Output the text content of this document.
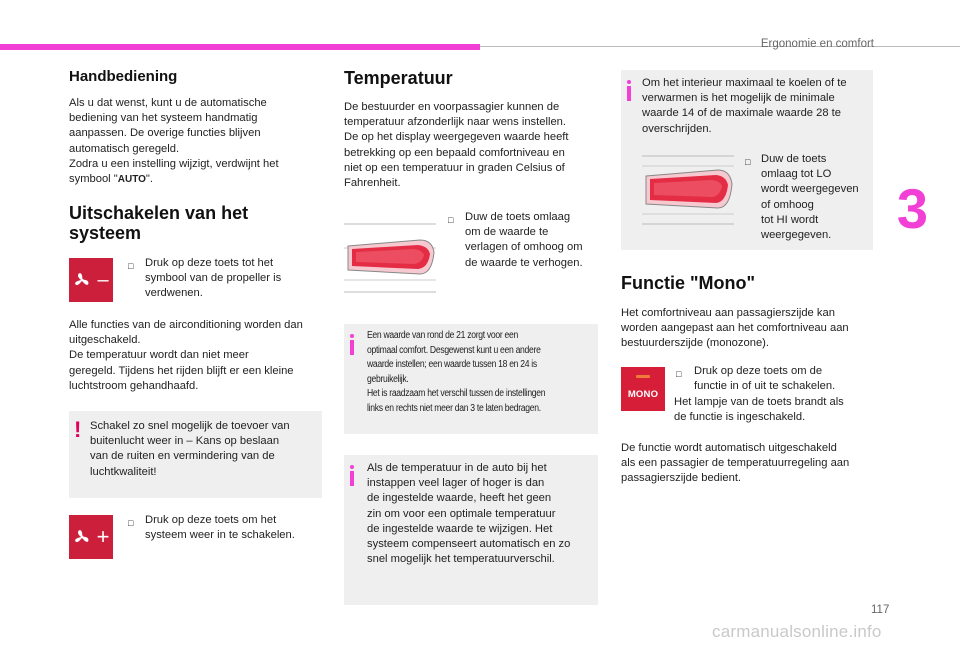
Ergonomie en comfort
3
117
carmanualsonline.info
Handbediening
Als u dat wenst, kunt u de automatische
bediening van het systeem handmatig
aanpassen. De overige functies blijven
automatisch geregeld.
Zodra u een instelling wijzigt, verdwijnt het
symbool "AUTO".
Uitschakelen van het
systeem
–
□ Druk op deze toets tot het
symbool van de propeller is
verdwenen.
Alle functies van de airconditioning worden dan
uitgeschakeld.
De temperatuur wordt dan niet meer
geregeld. Tijdens het rijden blijft er een kleine
luchtstroom gehandhaafd.
! Schakel zo snel mogelijk de toevoer van
buitenlucht weer in – Kans op beslaan
van de ruiten en vermindering van de
luchtkwaliteit!
+
□ Druk op deze toets om het
systeem weer in te schakelen.
Temperatuur
De bestuurder en voorpassagier kunnen de
temperatuur afzonderlijk naar wens instellen.
De op het display weergegeven waarde heeft
betrekking op een bepaald comfortniveau en
niet op een temperatuur in graden Celsius of
Fahrenheit.
□ Duw de toets omlaag
om de waarde te
verlagen of omhoog om
de waarde te verhogen.
Een waarde van rond de 21 zorgt voor een
optimaal comfort. Desgewenst kunt u een andere
waarde instellen; een waarde tussen 18 en 24 is
gebruikelijk.
Het is raadzaam het verschil tussen de instellingen
links en rechts niet meer dan 3 te laten bedragen.
Als de temperatuur in de auto bij het
instappen veel lager of hoger is dan
de ingestelde waarde, heeft het geen
zin om voor een optimale temperatuur
de ingestelde waarde te wijzigen. Het
systeem compenseert automatisch en zo
snel mogelijk het temperatuurverschil.
Om het interieur maximaal te koelen of te
verwarmen is het mogelijk de minimale
waarde 14 of de maximale waarde 28 te
overschrijden.
□ Duw de toets
omlaag tot LO
wordt weergegeven
of omhoog
tot HI wordt
weergegeven.
Functie "Mono"
Het comfortniveau aan passagierszijde kan
worden aangepast aan het comfortniveau aan
bestuurderszijde (monozone).
MONO
□ Druk op deze toets om de
functie in of uit te schakelen.
Het lampje van de toets brandt als
de functie is ingeschakeld.
De functie wordt automatisch uitgeschakeld
als een passagier de temperatuurregeling aan
passagierszijde bedient.
